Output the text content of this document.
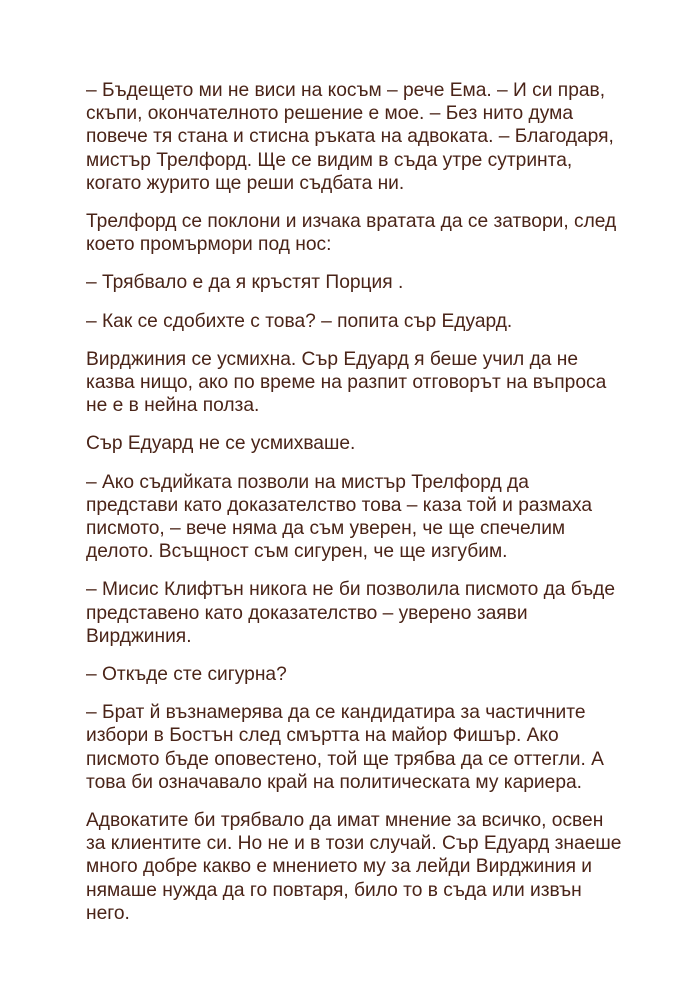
– Бъдещето ми не виси на косъм – рече Ема. – И си прав, скъпи, окончателното решение е мое. – Без нито дума повече тя стана и стисна ръката на адвоката. – Благодаря, мистър Трелфорд. Ще се видим в съда утре сутринта, когато журито ще реши съдбата ни.

Трелфорд се поклони и изчака вратата да се затвори, след което промърмори под нос:

– Трябвало е да я кръстят Порция .

– Как се сдобихте с това? – попита сър Едуард.

Вирджиния се усмихна. Сър Едуард я беше учил да не казва нищо, ако по време на разпит отговорът на въпроса не е в нейна полза.

Сър Едуард не се усмихваше.

– Ако съдийката позволи на мистър Трелфорд да представи като доказателство това – каза той и размаха писмото, – вече няма да съм уверен, че ще спечелим делото. Всъщност съм сигурен, че ще изгубим.

– Мисис Клифтън никога не би позволила писмото да бъде представено като доказателство – уверено заяви Вирджиния.

– Откъде сте сигурна?

– Брат й възнамерява да се кандидатира за частичните избори в Бостън след смъртта на майор Фишър. Ако писмото бъде оповестено, той ще трябва да се оттегли. А това би означавало край на политическата му кариера.

Адвокатите би трябвало да имат мнение за всичко, освен за клиентите си. Но не и в този случай. Сър Едуард знаеше много добре какво е мнението му за лейди Вирджиния и нямаше нужда да го повтаря, било то в съда или извън него.
